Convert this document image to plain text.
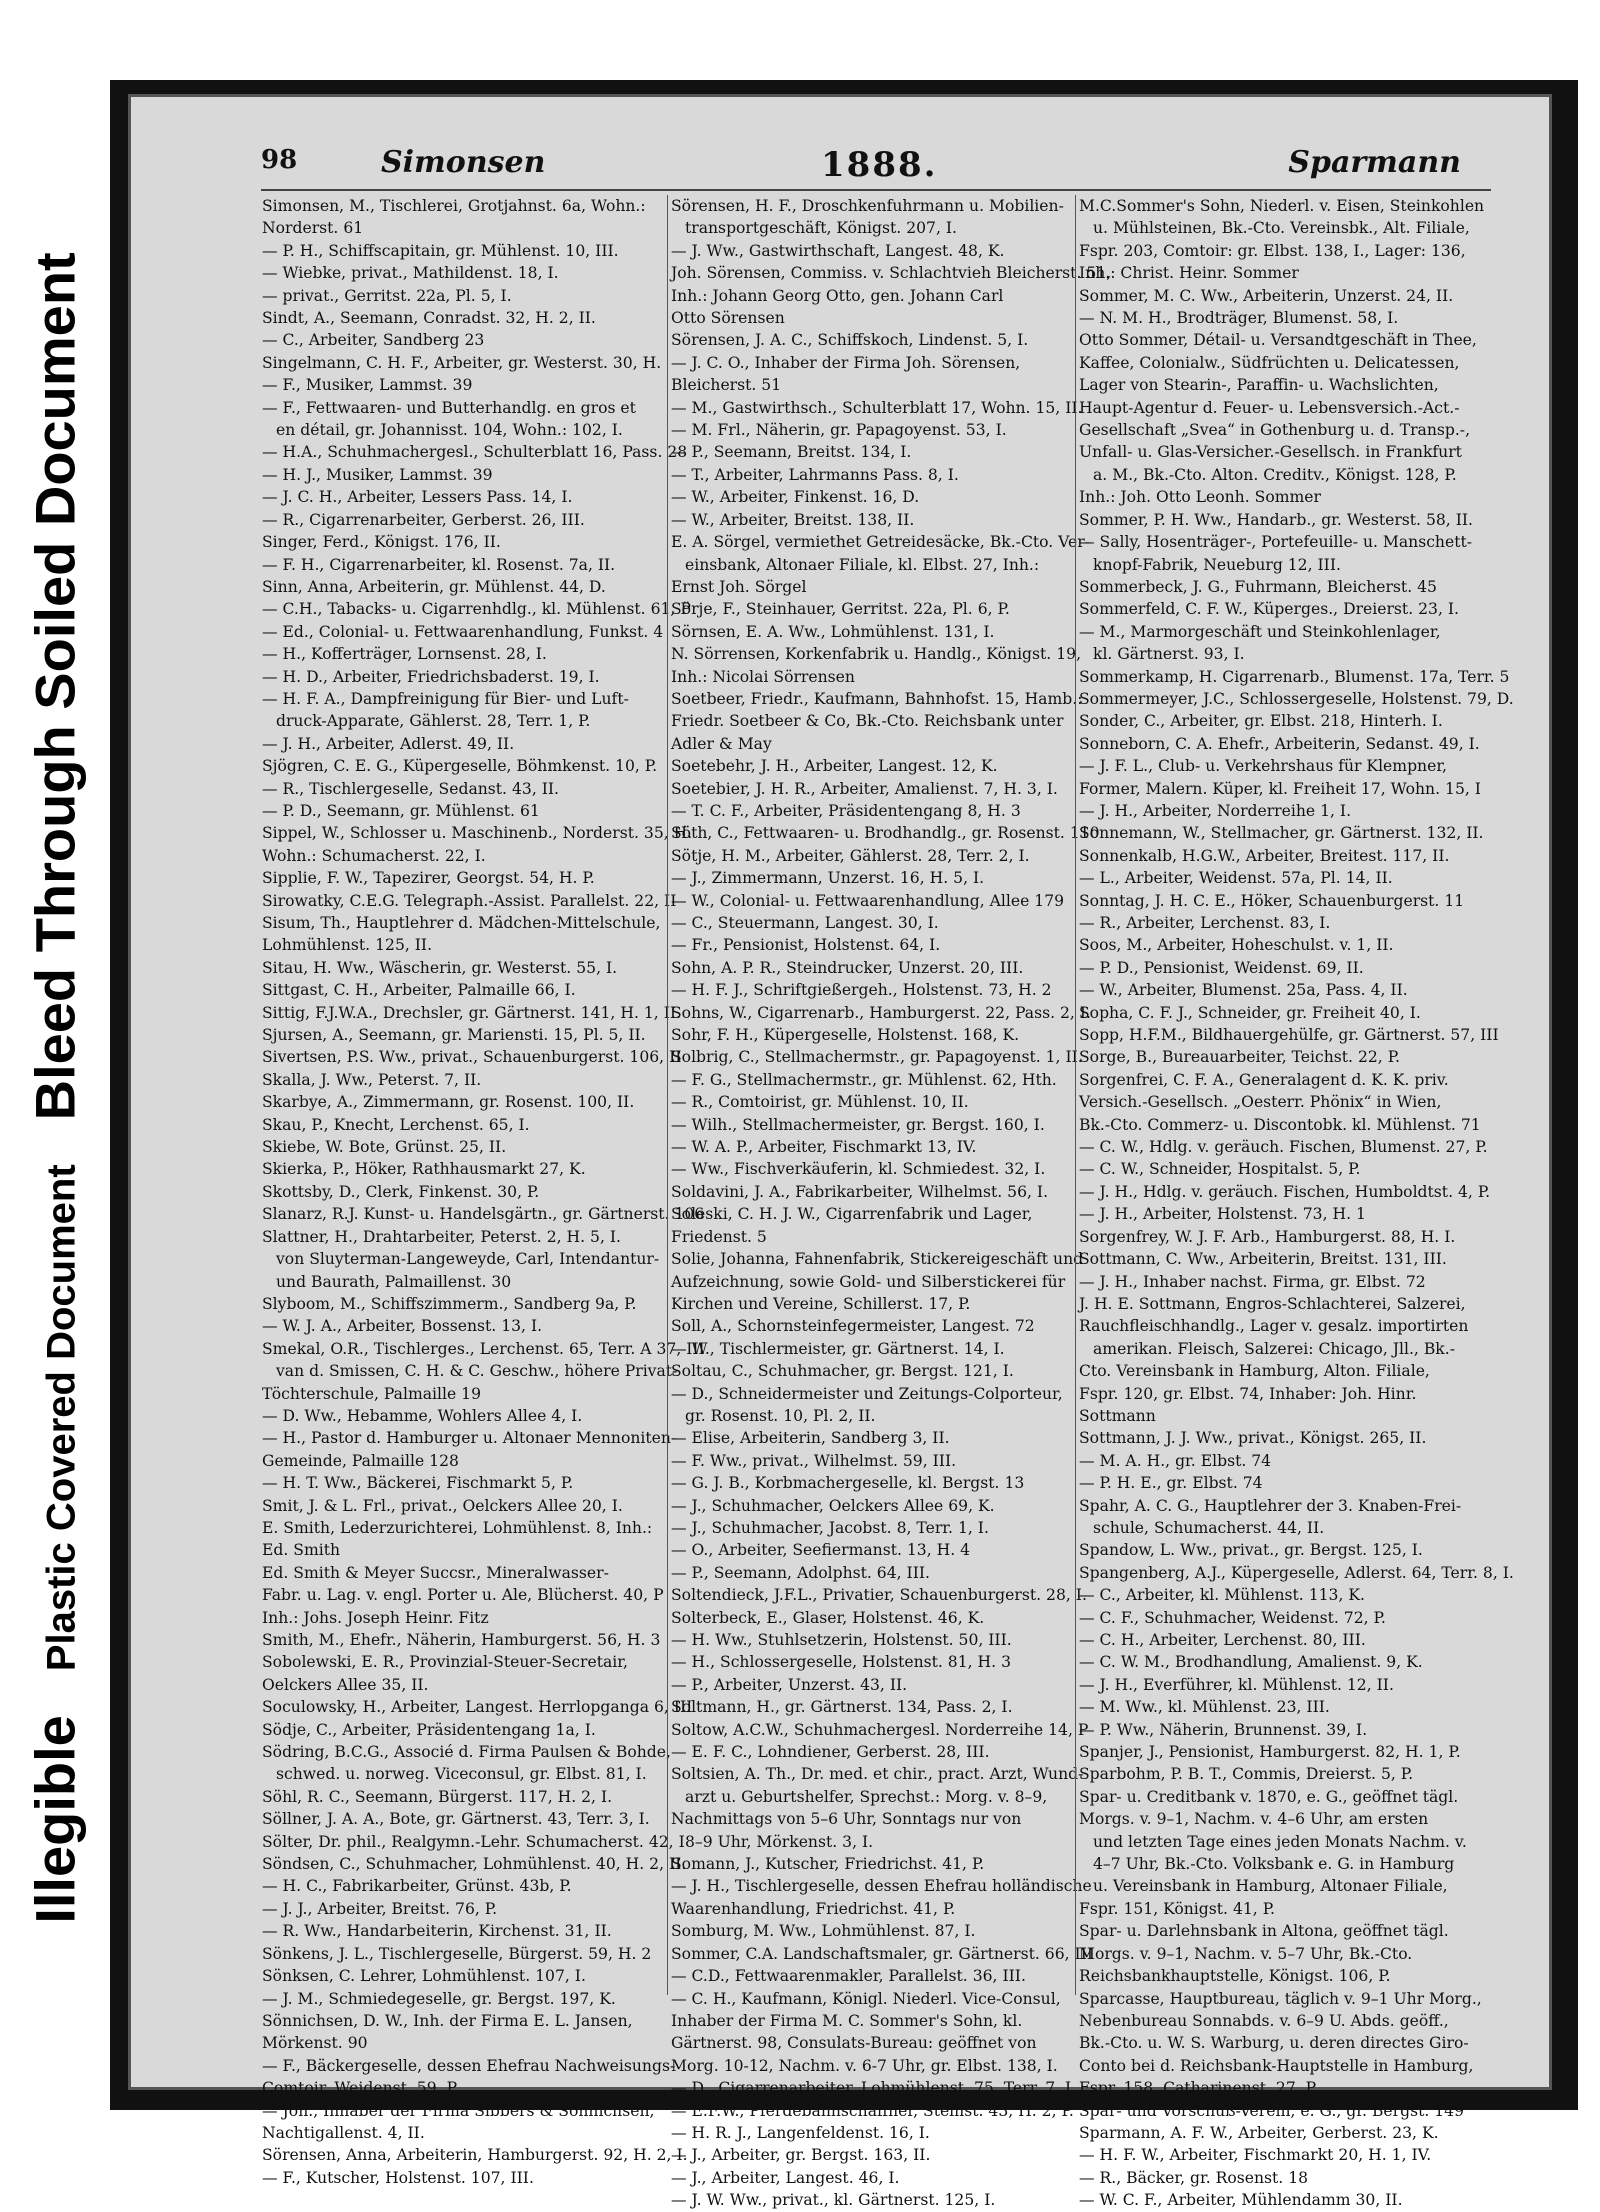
Illegible
Plastic Covered Document
Bleed Through Soiled Document
98	Simonsen	1888.	Sparmann

Simonsen, M., Tischlerei, Grotjahnst. 6a, Wohn.:

Norderst. 61

— P. H., Schiffscapitain, gr. Mühlenst. 10, III.

— Wiebke, privat., Mathildenst. 18, I.

— privat., Gerritst. 22a, Pl. 5, I.

Sindt, A., Seemann, Conradst. 32, H. 2, II.

— C., Arbeiter, Sandberg 23

Singelmann, C. H. F., Arbeiter, gr. Westerst. 30, H.

— F., Musiker, Lammst. 39

— F., Fettwaaren- und Butterhandlg. en gros et

en détail, gr. Johannisst. 104, Wohn.: 102, I.

— H.A., Schuhmachergesl., Schulterblatt 16, Pass. 28

— H. J., Musiker, Lammst. 39

— J. C. H., Arbeiter, Lessers Pass. 14, I.

— R., Cigarrenarbeiter, Gerberst. 26, III.

Singer, Ferd., Königst. 176, II.

— F. H., Cigarrenarbeiter, kl. Rosenst. 7a, II.

Sinn, Anna, Arbeiterin, gr. Mühlenst. 44, D.

— C.H., Tabacks- u. Cigarrenhdlg., kl. Mühlenst. 61, P

— Ed., Colonial- u. Fettwaarenhandlung, Funkst. 4

— H., Kofferträger, Lornsenst. 28, I.

— H. D., Arbeiter, Friedrichsbaderst. 19, I.

— H. F. A., Dampfreinigung für Bier- und Luft-

druck-Apparate, Gählerst. 28, Terr. 1, P.

— J. H., Arbeiter, Adlerst. 49, II.

Sjögren, C. E. G., Küpergeselle, Böhmkenst. 10, P.

— R., Tischlergeselle, Sedanst. 43, II.

— P. D., Seemann, gr. Mühlenst. 61

Sippel, W., Schlosser u. Maschinenb., Norderst. 35, H.

Wohn.: Schumacherst. 22, I.

Sipplie, F. W., Tapezirer, Georgst. 54, H. P.

Sirowatky, C.E.G. Telegraph.-Assist. Parallelst. 22, II

Sisum, Th., Hauptlehrer d. Mädchen-Mittelschule,

Lohmühlenst. 125, II.

Sitau, H. Ww., Wäscherin, gr. Westerst. 55, I.

Sittgast, C. H., Arbeiter, Palmaille 66, I.

Sittig, F.J.W.A., Drechsler, gr. Gärtnerst. 141, H. 1, II.

Sjursen, A., Seemann, gr. Mariensti. 15, Pl. 5, II.

Sivertsen, P.S. Ww., privat., Schauenburgerst. 106, II

Skalla, J. Ww., Peterst. 7, II.

Skarbye, A., Zimmermann, gr. Rosenst. 100, II.

Skau, P., Knecht, Lerchenst. 65, I.

Skiebe, W. Bote, Grünst. 25, II.

Skierka, P., Höker, Rathhausmarkt 27, K.

Skottsby, D., Clerk, Finkenst. 30, P.

Slanarz, R.J. Kunst- u. Handelsgärtn., gr. Gärtnerst. 106

Slattner, H., Drahtarbeiter, Peterst. 2, H. 5, I.

von Sluyterman-Langeweyde, Carl, Intendantur-

und Baurath, Palmaillenst. 30

Slyboom, M., Schiffszimmerm., Sandberg 9a, P.

— W. J. A., Arbeiter, Bossenst. 13, I.

Smekal, O.R., Tischlerges., Lerchenst. 65, Terr. A 37, III

van d. Smissen, C. H. & C. Geschw., höhere Privat-

Töchterschule, Palmaille 19

— D. Ww., Hebamme, Wohlers Allee 4, I.

— H., Pastor d. Hamburger u. Altonaer Mennoniten-

Gemeinde, Palmaille 128

— H. T. Ww., Bäckerei, Fischmarkt 5, P.

Smit, J. & L. Frl., privat., Oelckers Allee 20, I.

E. Smith, Lederzurichterei, Lohmühlenst. 8, Inh.:

Ed. Smith

Ed. Smith & Meyer Succsr., Mineralwasser-

Fabr. u. Lag. v. engl. Porter u. Ale, Blücherst. 40, P

Inh.: Johs. Joseph Heinr. Fitz

Smith, M., Ehefr., Näherin, Hamburgerst. 56, H. 3

Sobolewski, E. R., Provinzial-Steuer-Secretair,

Oelckers Allee 35, II.

Soculowsky, H., Arbeiter, Langest. Herrlopganga 6, III

Södje, C., Arbeiter, Präsidentengang 1a, I.

Södring, B.C.G., Associé d. Firma Paulsen & Bohde,

schwed. u. norweg. Viceconsul, gr. Elbst. 81, I.

Söhl, R. C., Seemann, Bürgerst. 117, H. 2, I.

Söllner, J. A. A., Bote, gr. Gärtnerst. 43, Terr. 3, I.

Sölter, Dr. phil., Realgymn.-Lehr. Schumacherst. 42, I

Söndsen, C., Schuhmacher, Lohmühlenst. 40, H. 2, II.

— H. C., Fabrikarbeiter, Grünst. 43b, P.

— J. J., Arbeiter, Breitst. 76, P.

— R. Ww., Handarbeiterin, Kirchenst. 31, II.

Sönkens, J. L., Tischlergeselle, Bürgerst. 59, H. 2

Sönksen, C. Lehrer, Lohmühlenst. 107, I.

— J. M., Schmiedegeselle, gr. Bergst. 197, K.

Sönnichsen, D. W., Inh. der Firma E. L. Jansen,

Mörkenst. 90

— F., Bäckergeselle, dessen Ehefrau Nachweisungs-

Comtoir, Weidenst. 59, P.

— Joh., Inhaber der Firma Sibbers & Sönnichsen,

Nachtigallenst. 4, II.

Sörensen, Anna, Arbeiterin, Hamburgerst. 92, H. 2, I.

— F., Kutscher, Holstenst. 107, III.

Sörensen, H. F., Droschkenfuhrmann u. Mobilien-

transportgeschäft, Königst. 207, I.

— J. Ww., Gastwirthschaft, Langest. 48, K.

Joh. Sörensen, Commiss. v. Schlachtvieh Bleicherst. 51,

Inh.: Johann Georg Otto, gen. Johann Carl

Otto Sörensen

Sörensen, J. A. C., Schiffskoch, Lindenst. 5, I.

— J. C. O., Inhaber der Firma Joh. Sörensen,

Bleicherst. 51

— M., Gastwirthsch., Schulterblatt 17, Wohn. 15, II.

— M. Frl., Näherin, gr. Papagoyenst. 53, I.

— P., Seemann, Breitst. 134, I.

— T., Arbeiter, Lahrmanns Pass. 8, I.

— W., Arbeiter, Finkenst. 16, D.

— W., Arbeiter, Breitst. 138, II.

E. A. Sörgel, vermiethet Getreidesäcke, Bk.-Cto. Ver-

einsbank, Altonaer Filiale, kl. Elbst. 27, Inh.:

Ernst Joh. Sörgel

Sörje, F., Steinhauer, Gerritst. 22a, Pl. 6, P.

Sörnsen, E. A. Ww., Lohmühlenst. 131, I.

N. Sörrensen, Korkenfabrik u. Handlg., Königst. 19,

Inh.: Nicolai Sörrensen

Soetbeer, Friedr., Kaufmann, Bahnhofst. 15, Hamb.:

Friedr. Soetbeer & Co, Bk.-Cto. Reichsbank unter

Adler & May

Soetebehr, J. H., Arbeiter, Langest. 12, K.

Soetebier, J. H. R., Arbeiter, Amalienst. 7, H. 3, I.

— T. C. F., Arbeiter, Präsidentengang 8, H. 3

Söth, C., Fettwaaren- u. Brodhandlg., gr. Rosenst. 110

Sötje, H. M., Arbeiter, Gählerst. 28, Terr. 2, I.

— J., Zimmermann, Unzerst. 16, H. 5, I.

— W., Colonial- u. Fettwaarenhandlung, Allee 179

— C., Steuermann, Langest. 30, I.

— Fr., Pensionist, Holstenst. 64, I.

Sohn, A. P. R., Steindrucker, Unzerst. 20, III.

— H. F. J., Schriftgießergeh., Holstenst. 73, H. 2

Sohns, W., Cigarrenarb., Hamburgerst. 22, Pass. 2, I.

Sohr, F. H., Küpergeselle, Holstenst. 168, K.

Solbrig, C., Stellmachermstr., gr. Papagoyenst. 1, II.

— F. G., Stellmachermstr., gr. Mühlenst. 62, Hth.

— R., Comtoirist, gr. Mühlenst. 10, II.

— Wilh., Stellmachermeister, gr. Bergst. 160, I.

— W. A. P., Arbeiter, Fischmarkt 13, IV.

— Ww., Fischverkäuferin, kl. Schmiedest. 32, I.

Soldavini, J. A., Fabrikarbeiter, Wilhelmst. 56, I.

Soleski, C. H. J. W., Cigarrenfabrik und Lager,

Friedenst. 5

Solie, Johanna, Fahnenfabrik, Stickereigeschäft und

Aufzeichnung, sowie Gold- und Silberstickerei für

Kirchen und Vereine, Schillerst. 17, P.

Soll, A., Schornsteinfegermeister, Langest. 72

— W., Tischlermeister, gr. Gärtnerst. 14, I.

Soltau, C., Schuhmacher, gr. Bergst. 121, I.

— D., Schneidermeister und Zeitungs-Colporteur,

gr. Rosenst. 10, Pl. 2, II.

— Elise, Arbeiterin, Sandberg 3, II.

— F. Ww., privat., Wilhelmst. 59, III.

— G. J. B., Korbmachergeselle, kl. Bergst. 13

— J., Schuhmacher, Oelckers Allee 69, K.

— J., Schuhmacher, Jacobst. 8, Terr. 1, I.

— O., Arbeiter, Seefiermanst. 13, H. 4

— P., Seemann, Adolphst. 64, III.

Soltendieck, J.F.L., Privatier, Schauenburgerst. 28, I.

Solterbeck, E., Glaser, Holstenst. 46, K.

— H. Ww., Stuhlsetzerin, Holstenst. 50, III.

— H., Schlossergeselle, Holstenst. 81, H. 3

— P., Arbeiter, Unzerst. 43, II.

Soltmann, H., gr. Gärtnerst. 134, Pass. 2, I.

Soltow, A.C.W., Schuhmachergesl. Norderreihe 14, P

— E. F. C., Lohndiener, Gerberst. 28, III.

Soltsien, A. Th., Dr. med. et chir., pract. Arzt, Wund-

arzt u. Geburtshelfer, Sprechst.: Morg. v. 8–9,

Nachmittags von 5–6 Uhr, Sonntags nur von

8–9 Uhr, Mörkenst. 3, I.

Somann, J., Kutscher, Friedrichst. 41, P.

— J. H., Tischlergeselle, dessen Ehefrau holländische

Waarenhandlung, Friedrichst. 41, P.

Somburg, M. Ww., Lohmühlenst. 87, I.

Sommer, C.A. Landschaftsmaler, gr. Gärtnerst. 66, III

— C.D., Fettwaarenmakler, Parallelst. 36, III.

— C. H., Kaufmann, Königl. Niederl. Vice-Consul,

Inhaber der Firma M. C. Sommer's Sohn, kl.

Gärtnerst. 98, Consulats-Bureau: geöffnet von

Morg. 10-12, Nachm. v. 6-7 Uhr, gr. Elbst. 138, I.

— D., Cigarrenarbeiter, Lohmühlenst. 75, Terr. 7, I.

— E.F.W., Pferdebahnschaffner, Steinst. 43, H. 2, P.

— H. R. J., Langenfeldenst. 16, I.

— J., Arbeiter, gr. Bergst. 163, II.

— J., Arbeiter, Langest. 46, I.

— J. W. Ww., privat., kl. Gärtnerst. 125, I.

M.C.Sommer's Sohn, Niederl. v. Eisen, Steinkohlen

u. Mühlsteinen, Bk.-Cto. Vereinsbk., Alt. Filiale,

Fspr. 203, Comtoir: gr. Elbst. 138, I., Lager: 136,

Inh.: Christ. Heinr. Sommer

Sommer, M. C. Ww., Arbeiterin, Unzerst. 24, II.

— N. M. H., Brodträger, Blumenst. 58, I.

Otto Sommer, Détail- u. Versandtgeschäft in Thee,

Kaffee, Colonialw., Südfrüchten u. Delicatessen,

Lager von Stearin-, Paraffin- u. Wachslichten,

Haupt-Agentur d. Feuer- u. Lebensversich.-Act.-

Gesellschaft „Svea“ in Gothenburg u. d. Transp.-,

Unfall- u. Glas-Versicher.-Gesellsch. in Frankfurt

a. M., Bk.-Cto. Alton. Creditv., Königst. 128, P.

Inh.: Joh. Otto Leonh. Sommer

Sommer, P. H. Ww., Handarb., gr. Westerst. 58, II.

— Sally, Hosenträger-, Portefeuille- u. Manschett-

knopf-Fabrik, Neueburg 12, III.

Sommerbeck, J. G., Fuhrmann, Bleicherst. 45

Sommerfeld, C. F. W., Küperges., Dreierst. 23, I.

— M., Marmorgeschäft und Steinkohlenlager,

kl. Gärtnerst. 93, I.

Sommerkamp, H. Cigarrenarb., Blumenst. 17a, Terr. 5

Sommermeyer, J.C., Schlossergeselle, Holstenst. 79, D.

Sonder, C., Arbeiter, gr. Elbst. 218, Hinterh. I.

Sonneborn, C. A. Ehefr., Arbeiterin, Sedanst. 49, I.

— J. F. L., Club- u. Verkehrshaus für Klempner,

Former, Malern. Küper, kl. Freiheit 17, Wohn. 15, I

— J. H., Arbeiter, Norderreihe 1, I.

Sonnemann, W., Stellmacher, gr. Gärtnerst. 132, II.

Sonnenkalb, H.G.W., Arbeiter, Breitest. 117, II.

— L., Arbeiter, Weidenst. 57a, Pl. 14, II.

Sonntag, J. H. C. E., Höker, Schauenburgerst. 11

— R., Arbeiter, Lerchenst. 83, I.

Soos, M., Arbeiter, Hoheschulst. v. 1, II.

— P. D., Pensionist, Weidenst. 69, II.

— W., Arbeiter, Blumenst. 25a, Pass. 4, II.

Sopha, C. F. J., Schneider, gr. Freiheit 40, I.

Sopp, H.F.M., Bildhauergehülfe, gr. Gärtnerst. 57, III

Sorge, B., Bureauarbeiter, Teichst. 22, P.

Sorgenfrei, C. F. A., Generalagent d. K. K. priv.

Versich.-Gesellsch. „Oesterr. Phönix“ in Wien,

Bk.-Cto. Commerz- u. Discontobk. kl. Mühlenst. 71

— C. W., Hdlg. v. geräuch. Fischen, Blumenst. 27, P.

— C. W., Schneider, Hospitalst. 5, P.

— J. H., Hdlg. v. geräuch. Fischen, Humboldtst. 4, P.

— J. H., Arbeiter, Holstenst. 73, H. 1

Sorgenfrey, W. J. F. Arb., Hamburgerst. 88, H. I.

Sottmann, C. Ww., Arbeiterin, Breitst. 131, III.

— J. H., Inhaber nachst. Firma, gr. Elbst. 72

J. H. E. Sottmann, Engros-Schlachterei, Salzerei,

Rauchfleischhandlg., Lager v. gesalz. importirten

amerikan. Fleisch, Salzerei: Chicago, Jll., Bk.-

Cto. Vereinsbank in Hamburg, Alton. Filiale,

Fspr. 120, gr. Elbst. 74, Inhaber: Joh. Hinr.

Sottmann

Sottmann, J. J. Ww., privat., Königst. 265, II.

— M. A. H., gr. Elbst. 74

— P. H. E., gr. Elbst. 74

Spahr, A. C. G., Hauptlehrer der 3. Knaben-Frei-

schule, Schumacherst. 44, II.

Spandow, L. Ww., privat., gr. Bergst. 125, I.

Spangenberg, A.J., Küpergeselle, Adlerst. 64, Terr. 8, I.

— C., Arbeiter, kl. Mühlenst. 113, K.

— C. F., Schuhmacher, Weidenst. 72, P.

— C. H., Arbeiter, Lerchenst. 80, III.

— C. W. M., Brodhandlung, Amalienst. 9, K.

— J. H., Everführer, kl. Mühlenst. 12, II.

— M. Ww., kl. Mühlenst. 23, III.

— P. Ww., Näherin, Brunnenst. 39, I.

Spanjer, J., Pensionist, Hamburgerst. 82, H. 1, P.

Sparbohm, P. B. T., Commis, Dreierst. 5, P.

Spar- u. Creditbank v. 1870, e. G., geöffnet tägl.

Morgs. v. 9–1, Nachm. v. 4–6 Uhr, am ersten

und letzten Tage eines jeden Monats Nachm. v.

4–7 Uhr, Bk.-Cto. Volksbank e. G. in Hamburg

u. Vereinsbank in Hamburg, Altonaer Filiale,

Fspr. 151, Königst. 41, P.

Spar- u. Darlehnsbank in Altona, geöffnet tägl.

Morgs. v. 9–1, Nachm. v. 5–7 Uhr, Bk.-Cto.

Reichsbankhauptstelle, Königst. 106, P.

Sparcasse, Hauptbureau, täglich v. 9–1 Uhr Morg.,

Nebenbureau Sonnabds. v. 6–9 U. Abds. geöff.,

Bk.-Cto. u. W. S. Warburg, u. deren directes Giro-

Conto bei d. Reichsbank-Hauptstelle in Hamburg,

Fspr. 158, Catharinenst. 27, P.

Spar- und Vorschuß-Verein, e. G., gr. Bergst. 149

Sparmann, A. F. W., Arbeiter, Gerberst. 23, K.

— H. F. W., Arbeiter, Fischmarkt 20, H. 1, IV.

— R., Bäcker, gr. Rosenst. 18

— W. C. F., Arbeiter, Mühlendamm 30, II.
